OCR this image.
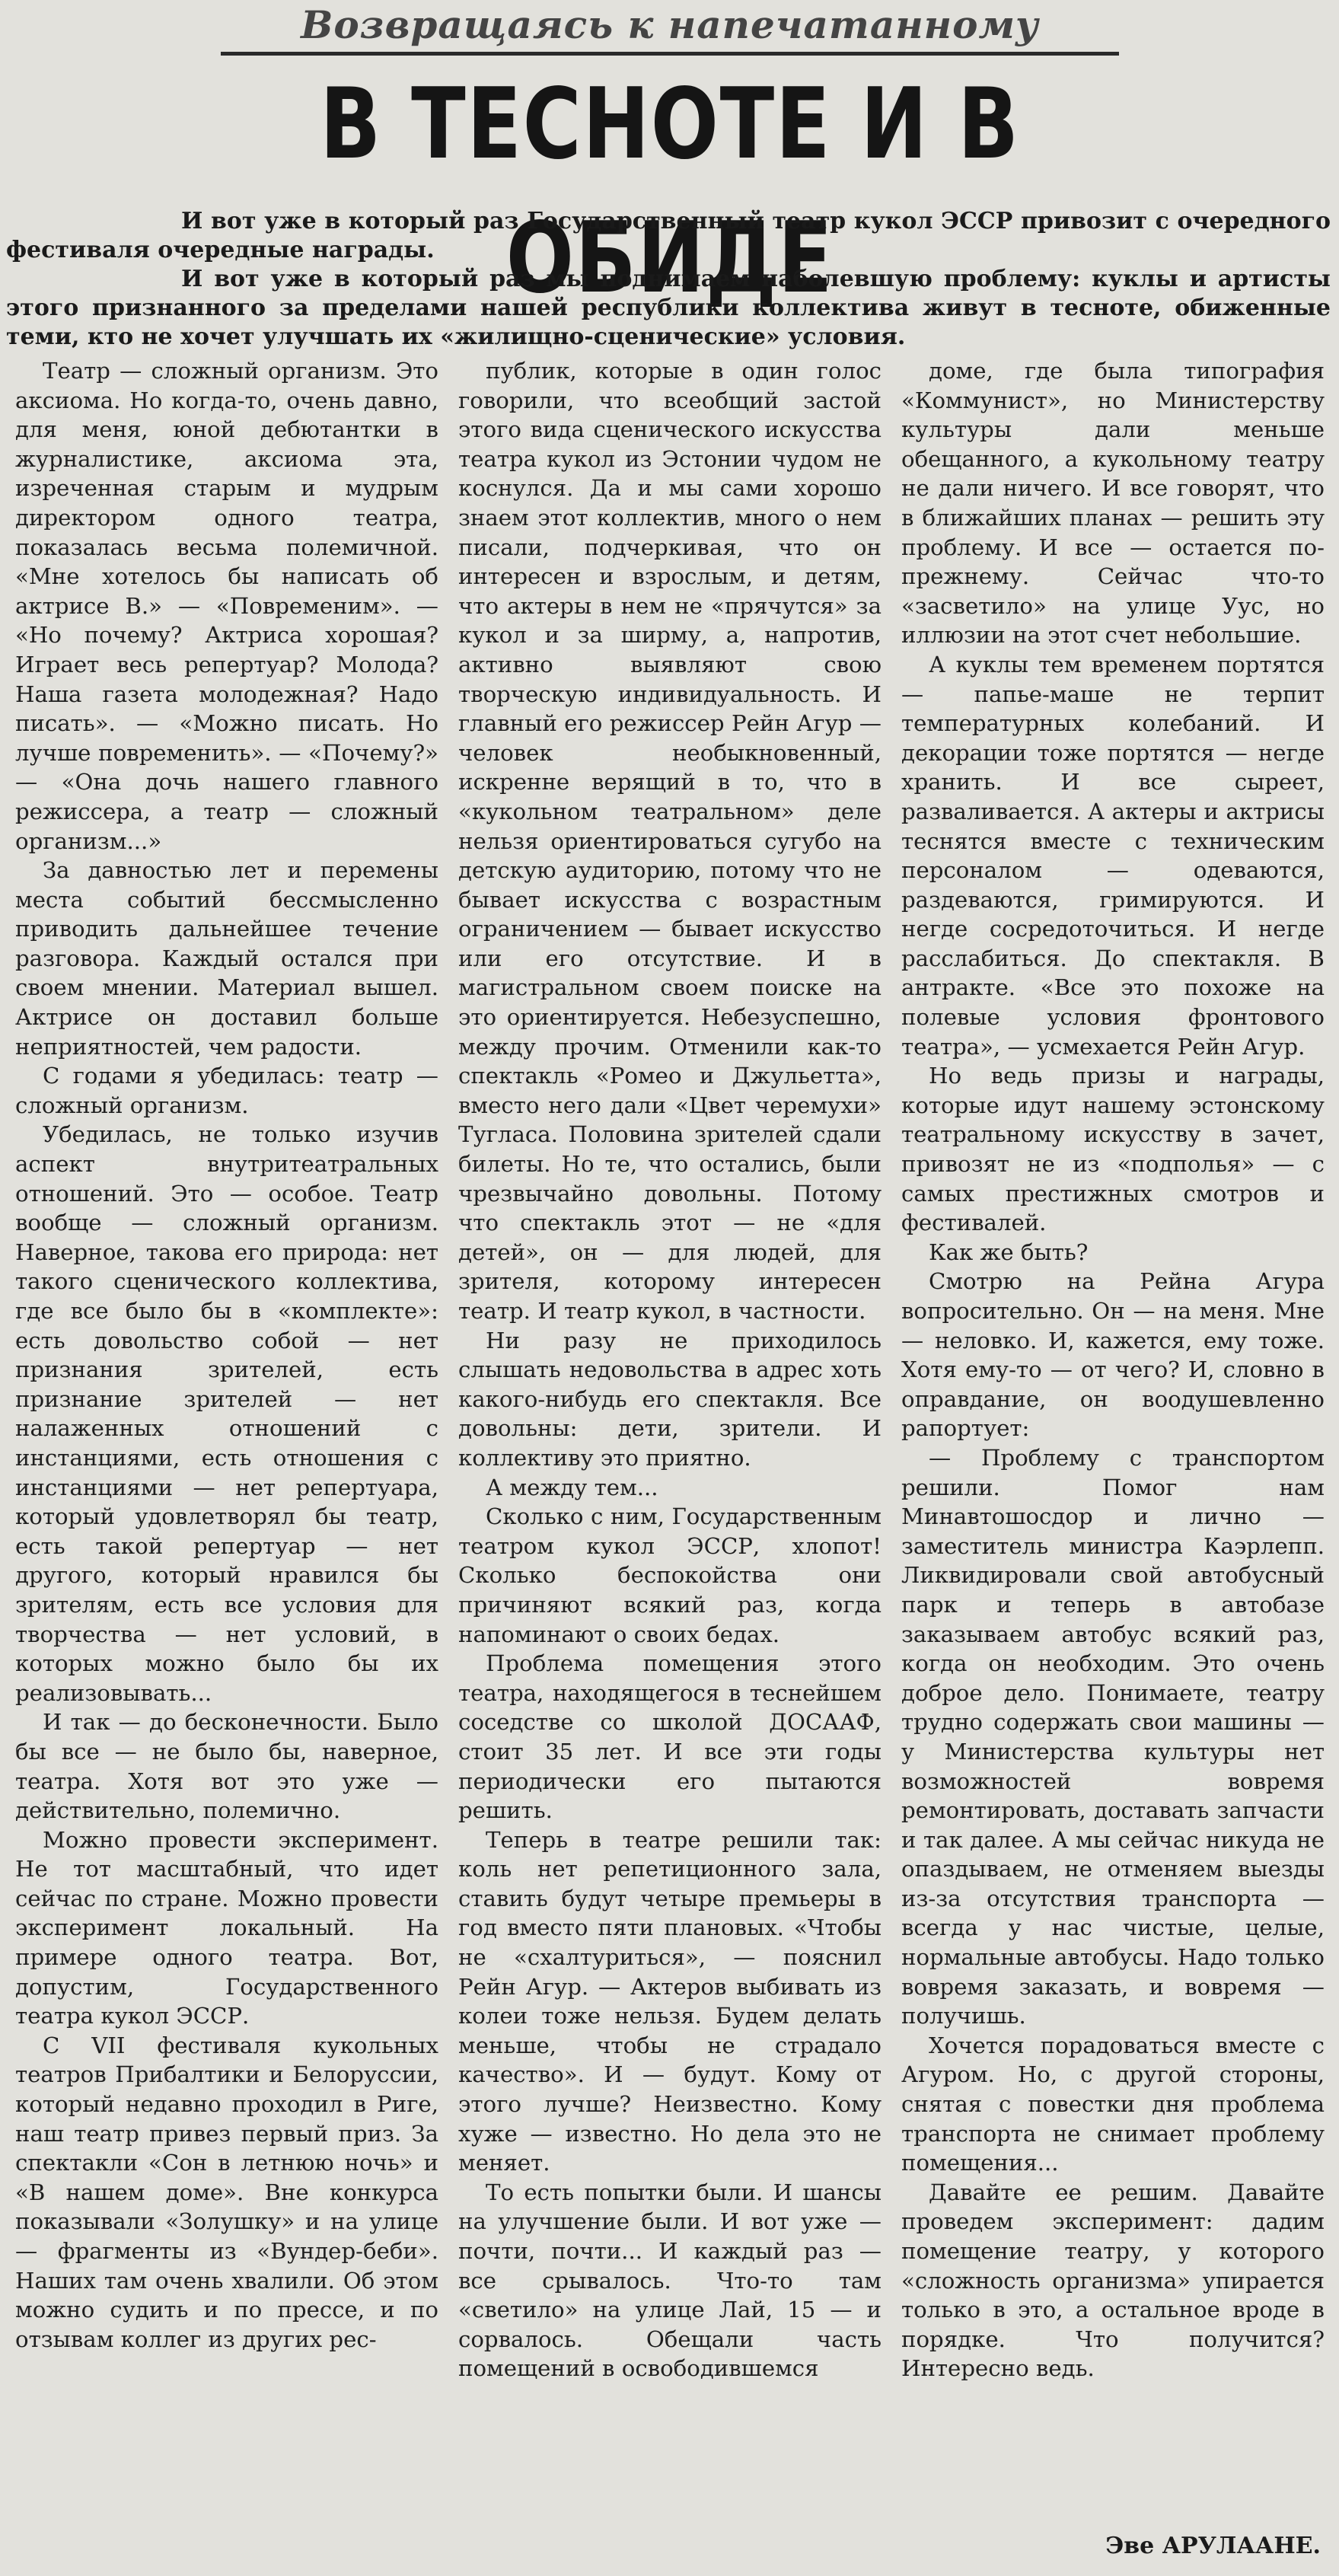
Возвращаясь к напечатанному
В ТЕСНОТЕ И В ОБИДЕ

И вот уже в который раз Государственный театр кукол ЭССР привозит с очередного фестиваля очередные награды.

И вот уже в который раз мы поднимаем наболевшую проблему: куклы и артисты этого признанного за пределами нашей республики коллектива живут в тесноте, обиженные теми, кто не хочет улучшать их «жилищно-сценические» условия.

Театр — сложный организм. Это аксиома. Но когда-то, очень давно, для меня, юной дебютантки в журналистике, аксиома эта, изреченная старым и мудрым директором одного театра, показалась весьма полемичной. «Мне хотелось бы написать об актрисе В.» — «Повременим». — «Но почему? Актриса хорошая? Играет весь репертуар? Молода? Наша газета молодежная? Надо писать». — «Можно писать. Но лучше повременить». — «Почему?» — «Она дочь нашего главного режиссера, а театр — сложный организм...»

За давностью лет и перемены места событий бессмысленно приводить дальнейшее течение разговора. Каждый остался при своем мнении. Материал вышел. Актрисе он доставил больше неприятностей, чем радости.

С годами я убедилась: театр — сложный организм.

Убедилась, не только изучив аспект внутритеатральных отношений. Это — особое. Театр вообще — сложный организм. Наверное, такова его природа: нет такого сценического коллектива, где все было бы в «комплекте»: есть довольство собой — нет признания зрителей, есть признание зрителей — нет налаженных отношений с инстанциями, есть отношения с инстанциями — нет репертуара, который удовлетворял бы театр, есть такой репертуар — нет другого, который нравился бы зрителям, есть все условия для творчества — нет условий, в которых можно было бы их реализовывать...

И так — до бесконечности. Было бы все — не было бы, наверное, театра. Хотя вот это уже — действительно, полемично.

Можно провести эксперимент. Не тот масштабный, что идет сейчас по стране. Можно провести эксперимент локальный. На примере одного театра. Вот, допустим, Государственного театра кукол ЭССР.

С VII фестиваля кукольных театров Прибалтики и Белоруссии, который недавно проходил в Риге, наш театр привез первый приз. За спектакли «Сон в летнюю ночь» и «В нашем доме». Вне конкурса показывали «Золушку» и на улице — фрагменты из «Вундер-беби». Наших там очень хвалили. Об этом можно судить и по прессе, и по отзывам коллег из других рес-

публик, которые в один голос говорили, что всеобщий застой этого вида сценического искусства театра кукол из Эстонии чудом не коснулся. Да и мы сами хорошо знаем этот коллектив, много о нем писали, подчеркивая, что он интересен и взрослым, и детям, что актеры в нем не «прячутся» за кукол и за ширму, а, напротив, активно выявляют свою творческую индивидуальность. И главный его режиссер Рейн Агур — человек необыкновенный, искренне верящий в то, что в «кукольном театральном» деле нельзя ориентироваться сугубо на детскую аудиторию, потому что не бывает искусства с возрастным ограничением — бывает искусство или его отсутствие. И в магистральном своем поиске на это ориентируется. Небезуспешно, между прочим. Отменили как-то спектакль «Ромео и Джульетта», вместо него дали «Цвет черемухи» Тугласа. Половина зрителей сдали билеты. Но те, что остались, были чрезвычайно довольны. Потому что спектакль этот — не «для детей», он — для людей, для зрителя, которому интересен театр. И театр кукол, в частности.

Ни разу не приходилось слышать недовольства в адрес хоть какого-нибудь его спектакля. Все довольны: дети, зрители. И коллективу это приятно.

А между тем...

Сколько с ним, Государственным театром кукол ЭССР, хлопот! Сколько беспокойства они причиняют всякий раз, когда напоминают о своих бедах.

Проблема помещения этого театра, находящегося в теснейшем соседстве со школой ДОСААФ, стоит 35 лет. И все эти годы периодически его пытаются решить.

Теперь в театре решили так: коль нет репетиционного зала, ставить будут четыре премьеры в год вместо пяти плановых. «Чтобы не «схалтуриться», — пояснил Рейн Агур. — Актеров выбивать из колеи тоже нельзя. Будем делать меньше, чтобы не страдало качество». И — будут. Кому от этого лучше? Неизвестно. Кому хуже — известно. Но дела это не меняет.

То есть попытки были. И шансы на улучшение были. И вот уже — почти, почти... И каждый раз — все срывалось. Что-то там «светило» на улице Лай, 15 — и сорвалось. Обещали часть помещений в освободившемся

доме, где была типография «Коммунист», но Министерству культуры дали меньше обещанного, а кукольному театру не дали ничего. И все говорят, что в ближайших планах — решить эту проблему. И все — остается по-прежнему. Сейчас что-то «засветило» на улице Уус, но иллюзии на этот счет небольшие.

А куклы тем временем портятся — папье-маше не терпит температурных колебаний. И декорации тоже портятся — негде хранить. И все сыреет, разваливается. А актеры и актрисы теснятся вместе с техническим персоналом — одеваются, раздеваются, гримируются. И негде сосредоточиться. И негде расслабиться. До спектакля. В антракте. «Все это похоже на полевые условия фронтового театра», — усмехается Рейн Агур.

Но ведь призы и награды, которые идут нашему эстонскому театральному искусству в зачет, привозят не из «подполья» — с самых престижных смотров и фестивалей.

Как же быть?

Смотрю на Рейна Агура вопросительно. Он — на меня. Мне — неловко. И, кажется, ему тоже. Хотя ему-то — от чего? И, словно в оправдание, он воодушевленно рапортует:

— Проблему с транспортом решили. Помог нам Минавтошосдор и лично — заместитель министра Каэрлепп. Ликвидировали свой автобусный парк и теперь в автобазе заказываем автобус всякий раз, когда он необходим. Это очень доброе дело. Понимаете, театру трудно содержать свои машины — у Министерства культуры нет возможностей вовремя ремонтировать, доставать запчасти и так далее. А мы сейчас никуда не опаздываем, не отменяем выезды из-за отсутствия транспорта — всегда у нас чистые, целые, нормальные автобусы. Надо только вовремя заказать, и вовремя — получишь.

Хочется порадоваться вместе с Агуром. Но, с другой стороны, снятая с повестки дня проблема транспорта не снимает проблему помещения...

Давайте ее решим. Давайте проведем эксперимент: дадим помещение театру, у которого «сложность организма» упирается только в это, а остальное вроде в порядке. Что получится? Интересно ведь.

Эве АРУЛААНЕ.
